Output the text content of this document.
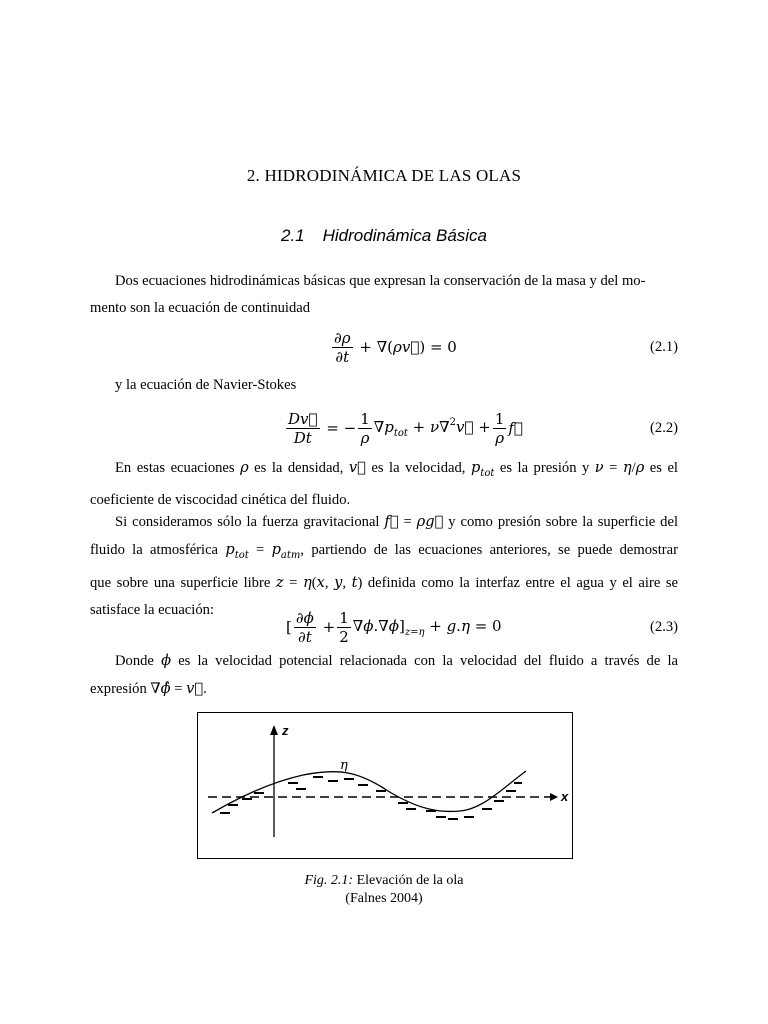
2. HIDRODINÁMICA DE LAS OLAS
2.1 Hidrodinámica Básica
Dos ecuaciones hidrodinámicas básicas que expresan la conservación de la masa y del mo-
mento son la ecuación de continuidad
$\frac{\partial\rho}{\partial t}$ + ∇(ρv⃗) = 0	(2.1)
y la ecuación de Navier-Stokes
$\frac{Dv⃗}{Dt}$ = − $\frac{1}{\rho} \nabla p_{tot}$ + ν∇$^2$v⃗ + $\frac{1}{\rho}$ f⃗	(2.2)
En estas ecuaciones ρ es la densidad, v⃗ es la velocidad, $p_{tot}$ es la presión y ν = η/ρ es el
coeficiente de viscocidad cinética del fluido.
Si consideramos sólo la fuerza gravitacional f⃗ = ρg⃗ y como presión sobre la superficie del
fluido la atmosférica $p_{tot} = p_{atm}$, partiendo de las ecuaciones anteriores, se puede demostrar
que sobre una superficie libre z = η(x, y, t) definida como la interfaz entre el agua y el aire se
satisface la ecuación:
[ $\frac{\partial\phi}{\partial t} + \frac{1}{2} \nabla\phi.\nabla\phi]_{z=\eta} + g.\eta = 0$	(2.3)
Donde ϕ es la velocidad potencial relacionada con la velocidad del fluido a través de la
expresión ∇ϕ̂ = v⃗.
z
x
η
Fig. 2.1: Elevación de la ola
(Falnes 2004)
